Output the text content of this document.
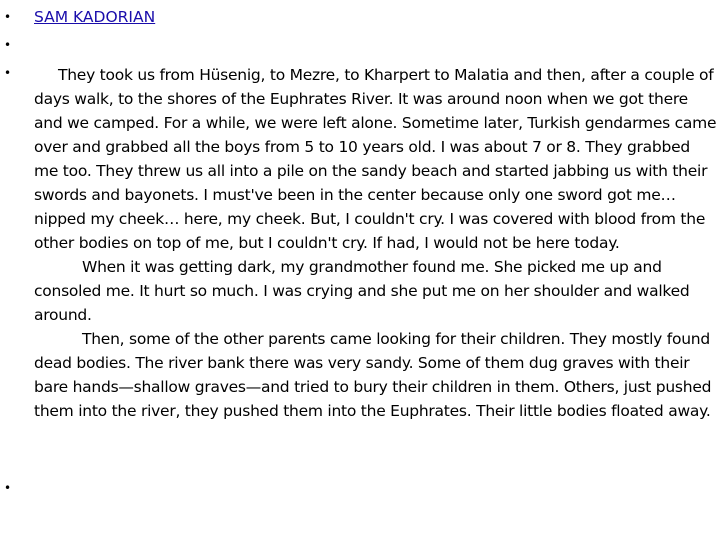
• SAM KADORIAN
•
•	They took us from Hüsenig, to Mezre, to Kharpert to Malatia and then, after a couple of days walk, to the shores of the Euphrates River. It was around noon when we got there and we camped. For a while, we were left alone. Sometime later, Turkish gendarmes came over and grabbed all the boys from 5 to 10 years old. I was about 7 or 8. They grabbed me too. They threw us all into a pile on the sandy beach and started jabbing us with their swords and bayonets. I must've been in the center because only one sword got me… nipped my cheek… here, my cheek. But, I couldn't cry. I was covered with blood from the other bodies on top of me, but I couldn't cry. If had, I would not be here today.

When it was getting dark, my grandmother found me. She picked me up and consoled me. It hurt so much. I was crying and she put me on her shoulder and walked around.

Then, some of the other parents came looking for their children. They mostly found dead bodies. The river bank there was very sandy. Some of them dug graves with their bare hands—shallow graves—and tried to bury their children in them. Others, just pushed them into the river, they pushed them into the Euphrates. Their little bodies floated away.

•
